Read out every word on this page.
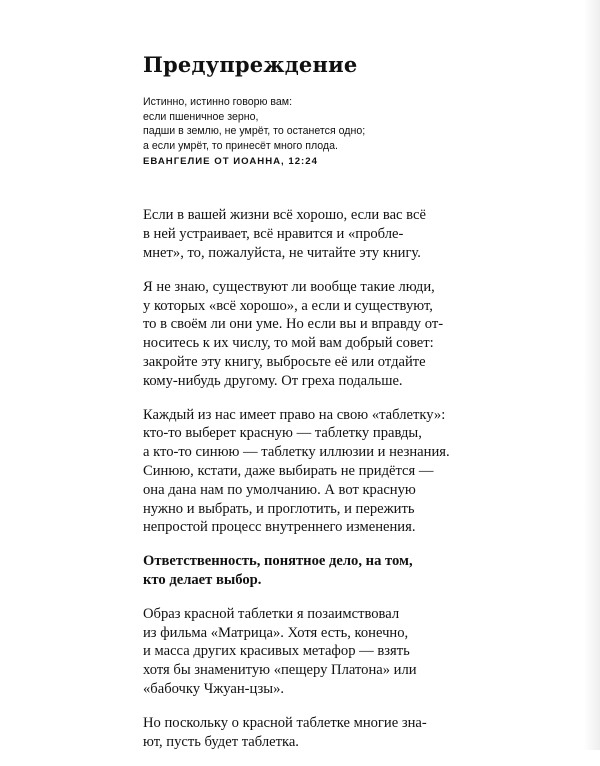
Предупреждение
Истинно, истинно говорю вам:
если пшеничное зерно,
падши в землю, не умрёт, то останется одно;
а если умрёт, то принесёт много плода.
ЕВАНГЕЛИЕ ОТ ИОАННА, 12:24

Если в вашей жизни всё хорошо, если вас всё
в ней устраивает, всё нравится и «пробле-
мнет», то, пожалуйста, не читайте эту книгу.

Я не знаю, существуют ли вообще такие люди,
у которых «всё хорошо», а если и существуют,
то в своём ли они уме. Но если вы и вправду от-
носитесь к их числу, то мой вам добрый совет:
закройте эту книгу, выбросьте её или отдайте
кому-нибудь другому. От греха подальше.

Каждый из нас имеет право на свою «таблетку»:
кто-то выберет красную — таблетку правды,
а кто-то синюю — таблетку иллюзии и незнания.
Синюю, кстати, даже выбирать не придётся —
она дана нам по умолчанию. А вот красную
нужно и выбрать, и проглотить, и пережить
непростой процесс внутреннего изменения.

Ответственность, понятное дело, на том,
кто делает выбор.

Образ красной таблетки я позаимствовал
из фильма «Матрица». Хотя есть, конечно,
и масса других красивых метафор — взять
хотя бы знаменитую «пещеру Платона» или
«бабочку Чжуан-цзы».

Но поскольку о красной таблетке многие зна-
ют, пусть будет таблетка.
